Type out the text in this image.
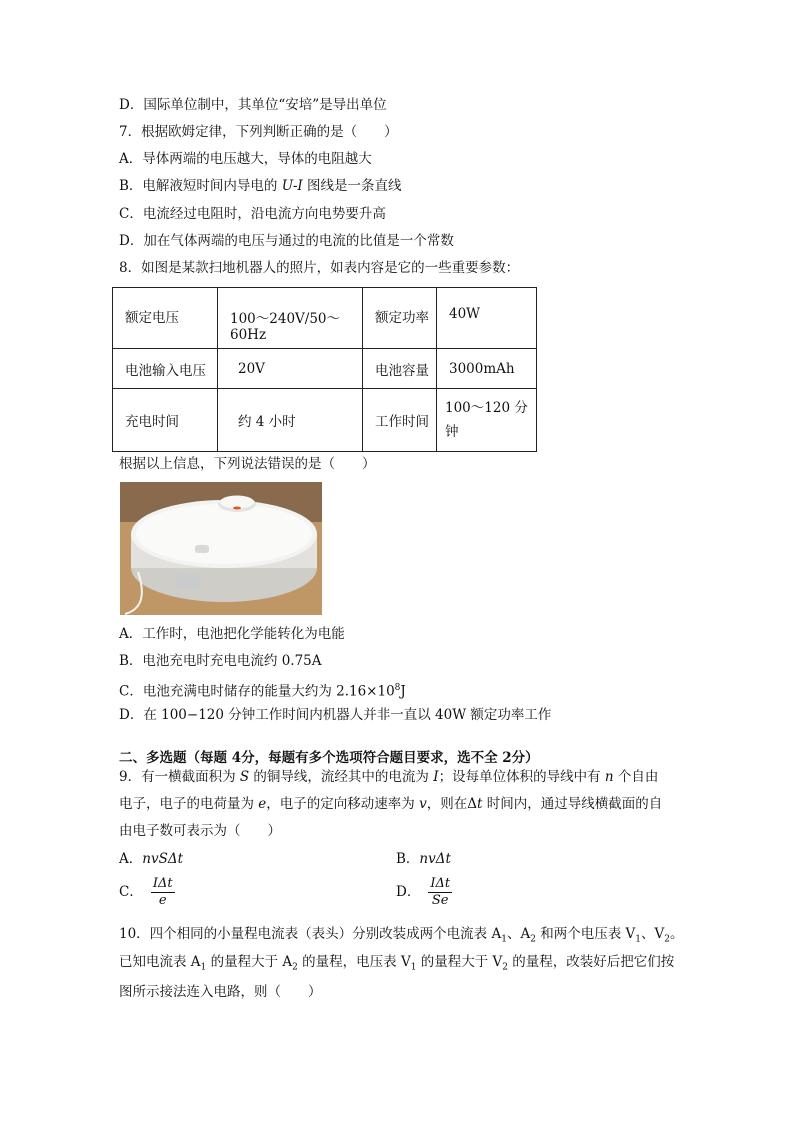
D．国际单位制中，其单位“安培”是导出单位
7．根据欧姆定律，下列判断正确的是（　　）
A．导体两端的电压越大，导体的电阻越大
B．电解液短时间内导电的 U-I 图线是一条直线
C．电流经过电阻时，沿电流方向电势要升高
D．加在气体两端的电压与通过的电流的比值是一个常数
8．如图是某款扫地机器人的照片，如表内容是它的一些重要参数：
额定电压	100～240V/50～60Hz	额定功率	40W
电池输入电压	20V	电池容量	3000mAh
充电时间	约 4 小时	工作时间	100～120 分钟
根据以上信息，下列说法错误的是（　　）
A．工作时，电池把化学能转化为电能
B．电池充电时充电电流约 0.75A
C．电池充满电时储存的能量大约为 $2.16\times 10^8J$
D．在 100−120 分钟工作时间内机器人并非一直以 40W 额定功率工作
二、多选题（每题 4分，每题有多个选项符合题目要求，选不全 2分）
9．有一横截面积为 S 的铜导线，流经其中的电流为 I；设每单位体积的导线中有 n 个自由
电子，电子的电荷量为 e，电子的定向移动速率为 v，则在Δt 时间内，通过导线横截面的自
由电子数可表示为（　　）
A．nvSΔt	B．nvΔt
C． $\frac{\text{IΔt}}{e}$	D． $\frac{\text{IΔt}}{Se}$
10．四个相同的小量程电流表（表头）分别改装成两个电流表 $A_1$、$A_2$ 和两个电压表 $V_1$、$V_2$。
已知电流表 $A_1$ 的量程大于 $A_2$ 的量程，电压表 $V_1$ 的量程大于 $V_2$ 的量程，改装好后把它们按
图所示接法连入电路，则（　　）
